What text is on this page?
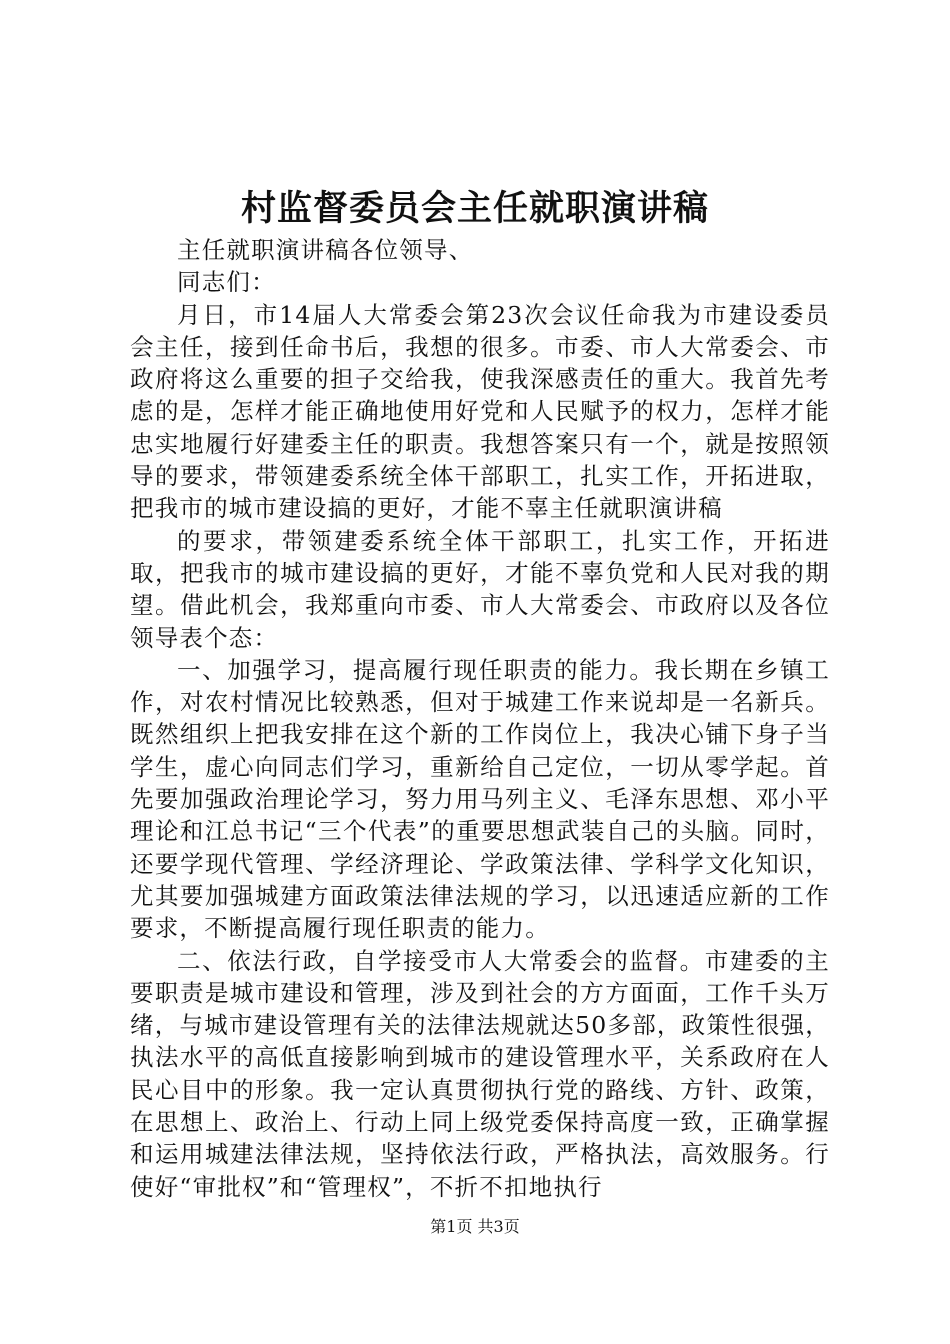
村监督委员会主任就职演讲稿

主任就职演讲稿各位领导、

同志们：

月日，市14届人大常委会第23次会议任命我为市建设委员会主任，接到任命书后，我想的很多。市委、市人大常委会、市政府将这么重要的担子交给我，使我深感责任的重大。我首先考虑的是，怎样才能正确地使用好党和人民赋予的权力，怎样才能忠实地履行好建委主任的职责。我想答案只有一个，就是按照领导的要求，带领建委系统全体干部职工，扎实工作，开拓进取，把我市的城市建设搞的更好，才能不辜主任就职演讲稿

的要求，带领建委系统全体干部职工，扎实工作，开拓进取，把我市的城市建设搞的更好，才能不辜负党和人民对我的期望。借此机会，我郑重向市委、市人大常委会、市政府以及各位领导表个态：

一、加强学习，提高履行现任职责的能力。我长期在乡镇工作，对农村情况比较熟悉，但对于城建工作来说却是一名新兵。既然组织上把我安排在这个新的工作岗位上，我决心铺下身子当学生，虚心向同志们学习，重新给自己定位，一切从零学起。首先要加强政治理论学习，努力用马列主义、毛泽东思想、邓小平理论和江总书记“三个代表”的重要思想武装自己的头脑。同时，还要学现代管理、学经济理论、学政策法律、学科学文化知识，尤其要加强城建方面政策法律法规的学习，以迅速适应新的工作要求，不断提高履行现任职责的能力。

二、依法行政，自学接受市人大常委会的监督。市建委的主要职责是城市建设和管理，涉及到社会的方方面面，工作千头万绪，与城市建设管理有关的法律法规就达50多部，政策性很强，执法水平的高低直接影响到城市的建设管理水平，关系政府在人民心目中的形象。我一定认真贯彻执行党的路线、方针、政策，在思想上、政治上、行动上同上级党委保持高度一致，正确掌握和运用城建法律法规，坚持依法行政，严格执法，高效服务。行使好“审批权”和“管理权”，不折不扣地执行

第1页 共3页
